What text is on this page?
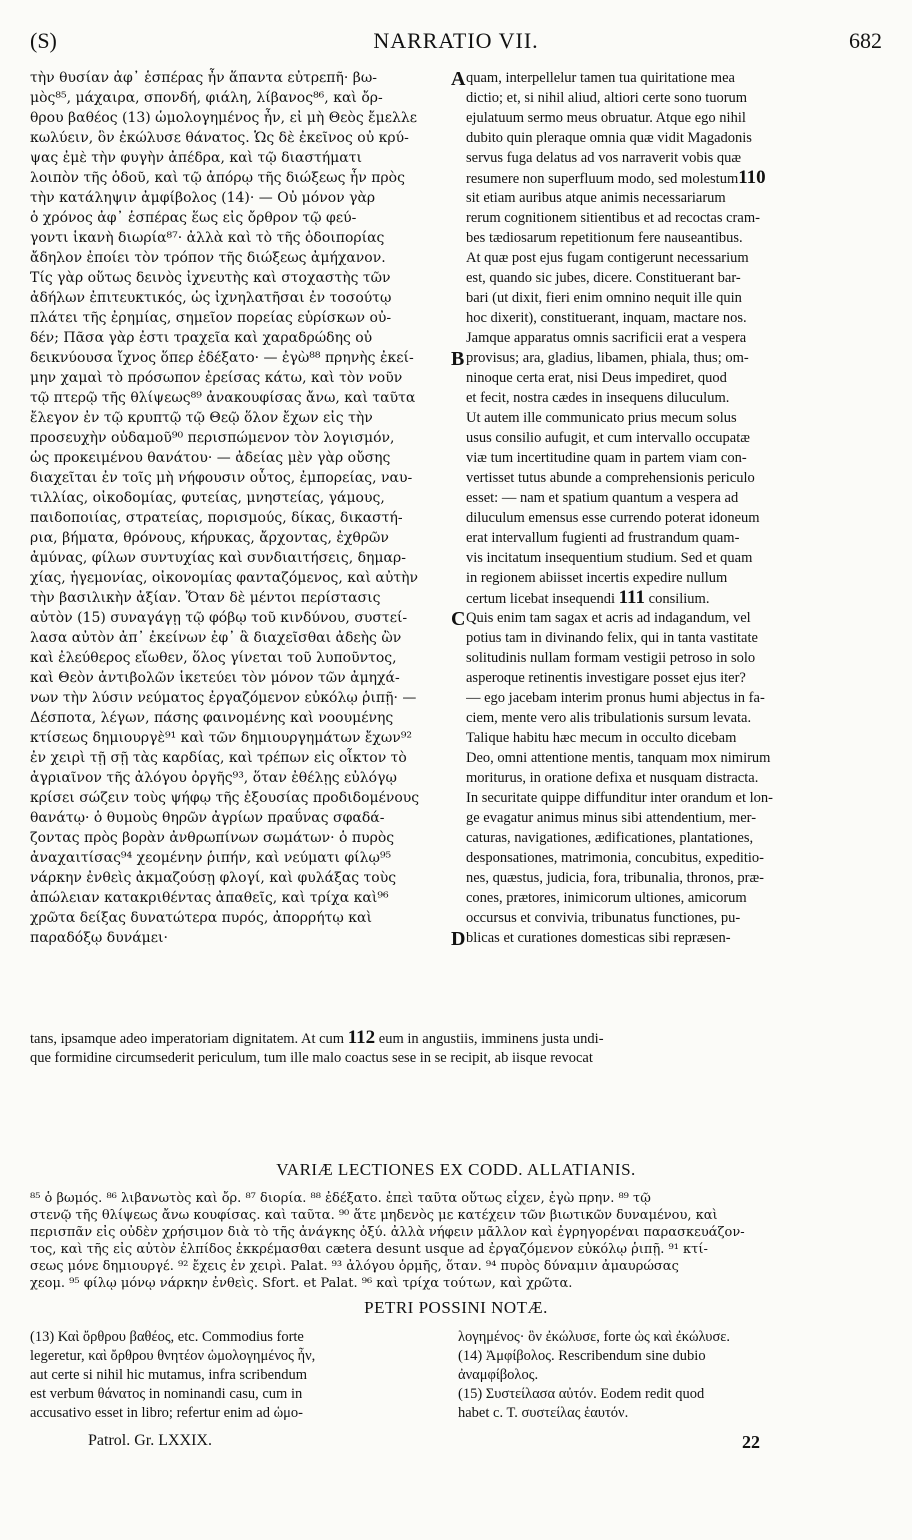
(S)	NARRATIO VII.	682
τὴν θυσίαν ἀφ᾽ ἑσπέρας ἦν ἅπαντα εὐτρεπῆ· βω-
μὸς⁸⁵, μάχαιρα, σπονδή, φιάλη, λίβανος⁸⁶, καὶ ὄρ-
θρου βαθέος (13) ὡμολογημένος ἦν, εἰ μὴ Θεὸς ἔμελλε
κωλύειν, ὃν ἐκώλυσε θάνατος. Ὡς δὲ ἐκεῖνος οὐ κρύ-
ψας ἐμὲ τὴν φυγὴν ἀπέδρα, καὶ τῷ διαστήματι
λοιπὸν τῆς ὁδοῦ, καὶ τῷ ἀπόρῳ τῆς διώξεως ἦν πρὸς
τὴν κατάληψιν ἀμφίβολος (14)· — Οὐ μόνον γὰρ
ὁ χρόνος ἀφ᾽ ἑσπέρας ἕως εἰς ὄρθρον τῷ φεύ-
γοντι ἱκανὴ διωρία⁸⁷· ἀλλὰ καὶ τὸ τῆς ὁδοιπορίας
ἄδηλον ἐποίει τὸν τρόπον τῆς διώξεως ἀμήχανον.
Τίς γὰρ οὕτως δεινὸς ἰχνευτὴς καὶ στοχαστὴς τῶν
ἀδήλων ἐπιτευκτικός, ὡς ἰχνηλατῆσαι ἐν τοσούτῳ
πλάτει τῆς ἐρημίας, σημεῖον πορείας εὑρίσκων οὐ-
δέν; Πᾶσα γὰρ ἐστι τραχεῖα καὶ χαραδρώδης οὐ
δεικνύουσα ἴχνος ὅπερ ἐδέξατο· — ἐγὼ⁸⁸ πρηνὴς ἐκεί-
μην χαμαὶ τὸ πρόσωπον ἐρείσας κάτω, καὶ τὸν νοῦν
τῷ πτερῷ τῆς θλίψεως⁸⁹ ἀνακουφίσας ἄνω, καὶ ταῦτα
ἔλεγον ἐν τῷ κρυπτῷ τῷ Θεῷ ὅλον ἔχων εἰς τὴν
προσευχὴν οὐδαμοῦ⁹⁰ περισπώμενον τὸν λογισμόν,
ὡς προκειμένου θανάτου· — ἀδείας μὲν γὰρ οὔσης
διαχεῖται ἐν τοῖς μὴ νήφουσιν οὗτος, ἐμπορείας, ναυ-
τιλλίας, οἰκοδομίας, φυτείας, μνηστείας, γάμους,
παιδοποιίας, στρατείας, πορισμούς, δίκας, δικαστή-
ρια, βήματα, θρόνους, κήρυκας, ἄρχοντας, ἐχθρῶν
ἀμύνας, φίλων συντυχίας καὶ συνδιαιτήσεις, δημαρ-
χίας, ἡγεμονίας, οἰκονομίας φανταζόμενος, καὶ αὐτὴν
τὴν βασιλικὴν ἀξίαν. Ὅταν δὲ μέντοι περίστασις
αὐτὸν (15) συναγάγῃ τῷ φόβῳ τοῦ κινδύνου, συστεί-
λασα αὐτὸν ἀπ᾽ ἐκείνων ἐφ᾽ ἃ διαχεῖσθαι ἀδεὴς ὢν
καὶ ἐλεύθερος εἴωθεν, ὅλος γίνεται τοῦ λυποῦντος,
καὶ Θεὸν ἀντιβολῶν ἱκετεύει τὸν μόνον τῶν ἀμηχά-
νων τὴν λύσιν νεύματος ἐργαζόμενον εὐκόλῳ ῥιπῇ· —
Δέσποτα, λέγων, πάσης φαινομένης καὶ νοουμένης
κτίσεως δημιουργὲ⁹¹ καὶ τῶν δημιουργημάτων ἔχων⁹²
ἐν χειρὶ τῇ σῇ τὰς καρδίας, καὶ τρέπων εἰς οἶκτον τὸ
ἀγριαῖνον τῆς ἀλόγου ὀργῆς⁹³, ὅταν ἐθέλῃς εὐλόγῳ
κρίσει σώζειν τοὺς ψήφῳ τῆς ἐξουσίας προδιδομένους
θανάτῳ· ὁ θυμοὺς θηρῶν ἀγρίων πραΰνας σφαδά-
ζοντας πρὸς βορὰν ἀνθρωπίνων σωμάτων· ὁ πυρὸς
ἀναχαιτίσας⁹⁴ χεομένην ῥιπήν, καὶ νεύματι φίλῳ⁹⁵
νάρκην ἐνθεὶς ἀκμαζούσῃ φλογί, καὶ φυλάξας τοὺς
ἀπώλειαν κατακριθέντας ἀπαθεῖς, καὶ τρίχα καὶ⁹⁶
χρῶτα δείξας δυνατώτερα πυρός, ἀπορρήτῳ καὶ
παραδόξῳ δυνάμει·
quam, interpellelur tamen tua quiritatione mea
dictio; et, si nihil aliud, altiori certe sono tuorum
ejulatuum sermo meus obruatur. Atque ego nihil
dubito quin pleraque omnia quæ vidit Magadonis
servus fuga delatus ad vos narraverit vobis quæ
resumere non superfluum modo, sed molestum110
sit etiam auribus atque animis necessariarum
rerum cognitionem sitientibus et ad recoctas cram-
bes tædiosarum repetitionum fere nauseantibus.
At quæ post ejus fugam contigerunt necessarium
est, quando sic jubes, dicere. Constituerant bar-
bari (ut dixit, fieri enim omnino nequit ille quin
hoc dixerit), constituerant, inquam, mactare nos.
Jamque apparatus omnis sacrificii erat a vespera
provisus; ara, gladius, libamen, phiala, thus; om-
ninoque certa erat, nisi Deus impediret, quod
et fecit, nostra cædes in insequens diluculum.
Ut autem ille communicato prius mecum solus
usus consilio aufugit, et cum intervallo occupatæ
viæ tum incertitudine quam in partem viam con-
vertisset tutus abunde a comprehensionis periculo
esset: — nam et spatium quantum a vespera ad
diluculum emensus esse currendo poterat idoneum
erat intervallum fugienti ad frustrandum quam-
vis incitatum insequentium studium. Sed et quam
in regionem abiisset incertis expedire nullum
certum licebat insequendi 111 consilium.
Quis enim tam sagax et acris ad indagandum, vel
potius tam in divinando felix, qui in tanta vastitate
solitudinis nullam formam vestigii petroso in solo
asperoque retinentis investigare posset ejus iter?
— ego jacebam interim pronus humi abjectus in fa-
ciem, mente vero alis tribulationis sursum levata.
Talique habitu hæc mecum in occulto dicebam
Deo, omni attentione mentis, tanquam mox nimirum
moriturus, in oratione defixa et nusquam distracta.
In securitate quippe diffunditur inter orandum et lon-
ge evagatur animus minus sibi attendentium, mer-
caturas, navigationes, ædificationes, plantationes,
desponsationes, matrimonia, concubitus, expeditio-
nes, quæstus, judicia, fora, tribunalia, thronos, præ-
cones, prætores, inimicorum ultiones, amicorum
occursus et convivia, tribunatus functiones, pu-
blicas et curationes domesticas sibi repræsen-
A
B
C
D
tans, ipsamque adeo imperatoriam dignitatem. At cum 112 eum in angustiis, imminens justa undi-
que formidine circumsederit periculum, tum ille malo coactus sese in se recipit, ab iisque revocat
VARIÆ LECTIONES EX CODD. ALLATIANIS.
⁸⁵ ὁ βωμός. ⁸⁶ λιβανωτὸς καὶ ὄρ. ⁸⁷ διορία. ⁸⁸ ἐδέξατο. ἐπεὶ ταῦτα οὕτως εἶχεν, ἐγὼ πρην. ⁸⁹ τῷ
στενῷ τῆς θλίψεως ἄνω κουφίσας. καὶ ταῦτα. ⁹⁰ ἅτε μηδενὸς με κατέχειν τῶν βιωτικῶν δυναμένου, καὶ
περισπᾶν εἰς οὐδὲν χρήσιμον διὰ τὸ τῆς ἀνάγκης ὀξύ. ἀλλὰ νήφειν μᾶλλον καὶ ἐγρηγορέναι παρασκευάζον-
τος, καὶ τῆς εἰς αὐτὸν ἐλπίδος ἐκκρέμασθαι cætera desunt usque ad ἐργαζόμενον εὐκόλῳ ῥιπῇ. ⁹¹ κτί-
σεως μόνε δημιουργέ. ⁹² ἔχεις ἐν χειρὶ. Palat. ⁹³ ἀλόγου ὁρμῆς, ὅταν. ⁹⁴ πυρὸς δύναμιν ἀμαυρώσας
χεομ. ⁹⁵ φίλῳ μόνῳ νάρκην ἐνθεὶς. Sfort. et Palat. ⁹⁶ καὶ τρίχα τούτων, καὶ χρῶτα.
PETRI POSSINI NOTÆ.
(13) Καὶ ὄρθρου βαθέος, etc. Commodius forte
legeretur, καὶ ὄρθρου θνητέον ὡμολογημένος ἦν,
aut certe si nihil hic mutamus, infra scribendum
est verbum θάνατος in nominandi casu, cum in
accusativo esset in libro; refertur enim ad ὡμο-
λογημένος· ὃν ἐκώλυσε, forte ὡς καὶ ἐκώλυσε.
(14) Ἀμφίβολος. Rescribendum sine dubio
ἀναμφίβολος.
(15) Συστείλασα αὐτόν. Eodem redit quod
habet c. T. συστείλας ἑαυτόν.
Patrol. Gr. LXXIX.	22
